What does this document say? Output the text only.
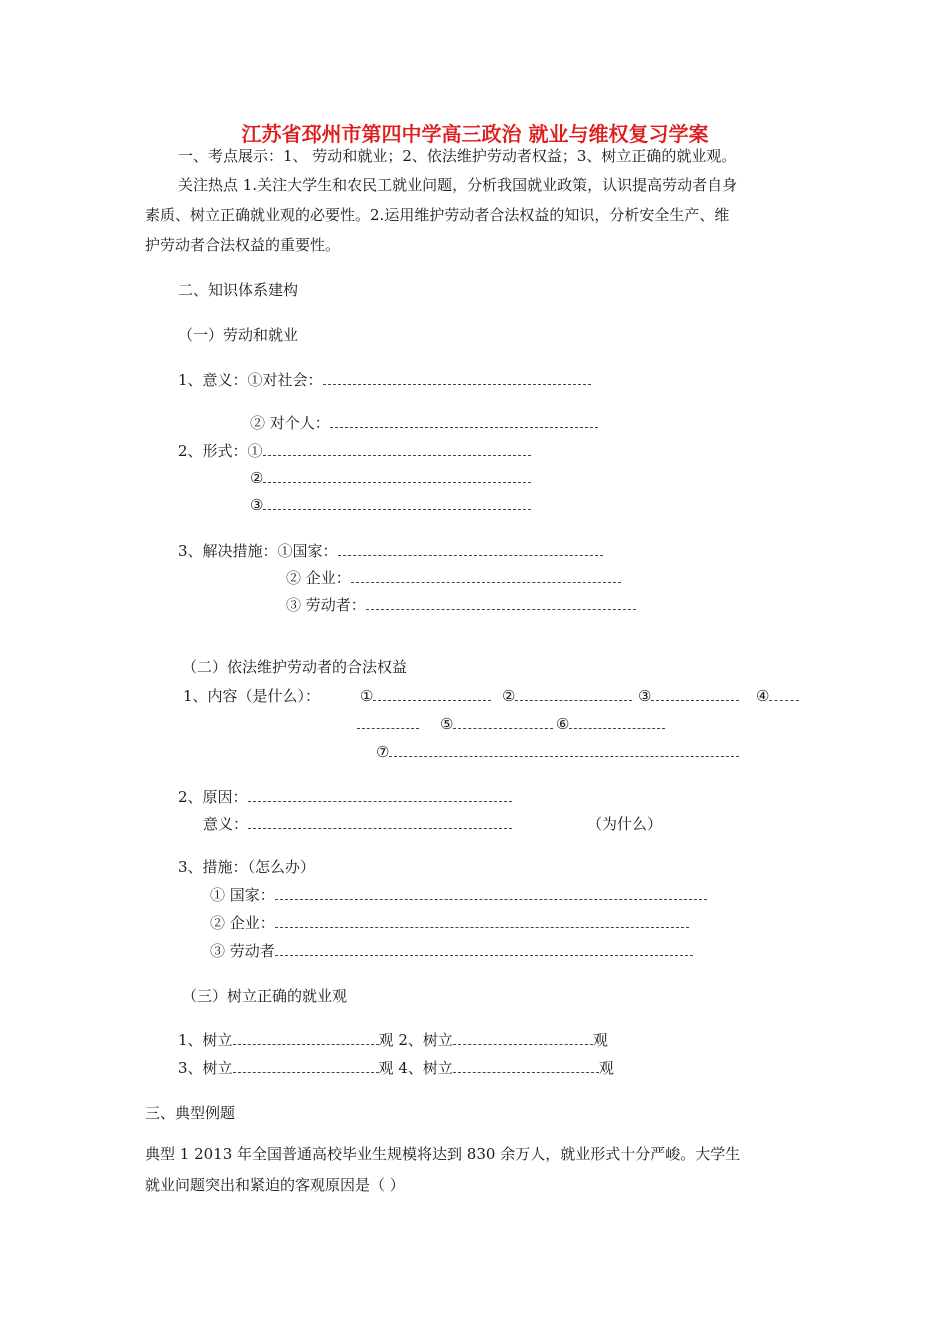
江苏省邳州市第四中学高三政治 就业与维权复习学案
一、考点展示：1、 劳动和就业；2、依法维护劳动者权益；3、树立正确的就业观。
关注热点 1.关注大学生和农民工就业问题，分析我国就业政策，认识提高劳动者自身
素质、树立正确就业观的必要性。2.运用维护劳动者合法权益的知识，分析安全生产、维
护劳动者合法权益的重要性。
二、知识体系建构
（一）劳动和就业
1、意义：①对社会：
② 对个人：
2、形式：①
②
③
3、解决措施：①国家：
② 企业：
③ 劳动者：
（二）依法维护劳动者的合法权益
1、内容（是什么）：	①	②	③	④
⑤	⑥
⑦
2、原因：
意义：	（为什么）
3、措施：（怎么办）
① 国家：
② 企业：
③ 劳动者
（三）树立正确的就业观
1、树立	观 2、树立	观
3、树立	观 4、树立	观
三、典型例题
典型 1 2013 年全国普通高校毕业生规模将达到 830 余万人，就业形式十分严峻。大学生
就业问题突出和紧迫的客观原因是（ ）
